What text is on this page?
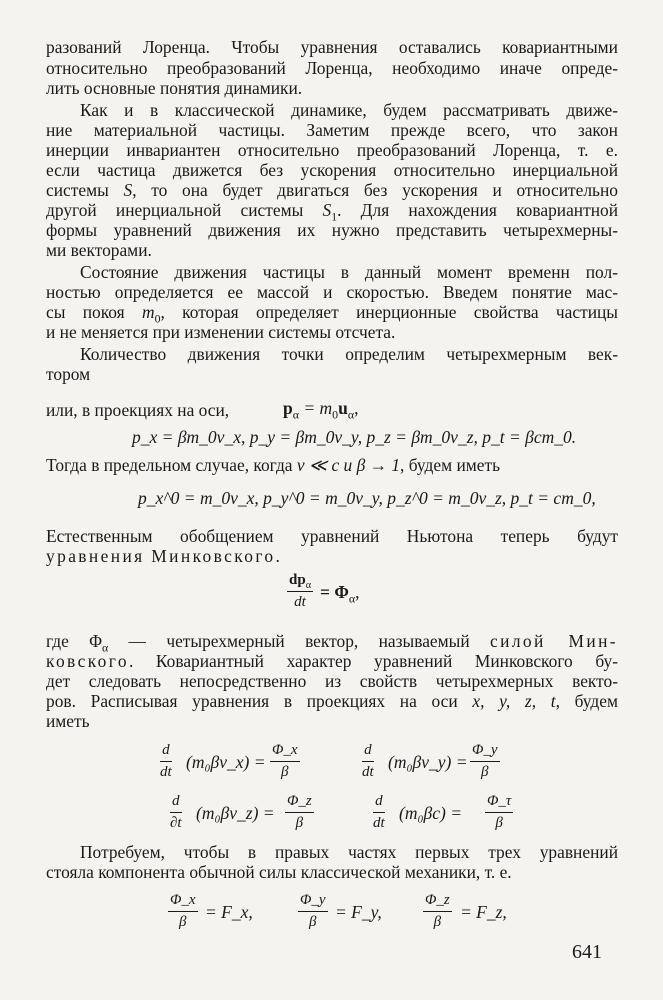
разований Лоренца. Чтобы уравнения оставались ковариантными
относительно преобразований Лоренца, необходимо иначе опреде-
лить основные понятия динамики.
Как и в классической динамике, будем рассматривать движе-
ние материальной частицы. Заметим прежде всего, что закон
инерции инвариантен относительно преобразований Лоренца, т. е.
если частица движется без ускорения относительно инерциальной
системы S, то она будет двигаться без ускорения и относительно
другой инерциальной системы $S_1$. Для нахождения ковариантной
формы уравнений движения их нужно представить четырехмерны-
ми векторами.
Состояние движения частицы в данный момент временн пол-
ностью определяется ее массой и скоростью. Введем понятие мас-
сы покоя $m_0$, которая определяет инерционные свойства частицы
и не меняется при изменении системы отсчета.
Количество движения точки определим четырехмерным век-
тором
$p_\alpha = m_0u_\alpha$,
или, в проекциях на оси,
p_x = βm_0v_x, p_y = βm_0v_y, p_z = βm_0v_z, p_t = βcm_0.
Тогда в предельном случае, когда v ≪ c и β → 1, будем иметь
p_x^0 = m_0v_x, p_y^0 = m_0v_y, p_z^0 = m_0v_z, p_t = cm_0,
Естественным обобщением уравнений Ньютона теперь будут
уравнения Минковского.
$dp_\alpha$
dt = $\Phi_\alpha$,
где $\Phi_\alpha$ — четырехмерный вектор, называемый силой Мин-
ковского. Ковариантный характер уравнений Минковского бу-
дет следовать непосредственно из свойств четырехмерных векто-
ров. Расписывая уравнения в проекциях на оси x, y, z, t, будем
иметь
$\frac{d}{dt}$ (m₀βv_x) = $\frac{\Phi\_x}{\beta}$	$\frac{d}{dt}$ (m₀βv_y) = $\frac{\Phi\_y}{\beta}$
$\frac{d}{\partial t}$ (m₀βv_z) = $\frac{\Phi\_z}{\beta}$	$\frac{d}{dt} (m_0\beta c) = \frac{\Phi\_\tau}{\beta}$
Потребуем, чтобы в правых частях первых трех уравнений
стояла компонента обычной силы классической механики, т. е.
$\frac{\Phi\_x}{\beta}$ = F_x,	$\frac{\Phi\_y}{\beta}$ = F_y,	$\frac{\Phi\_z}{\beta}$ = F_z,
641
